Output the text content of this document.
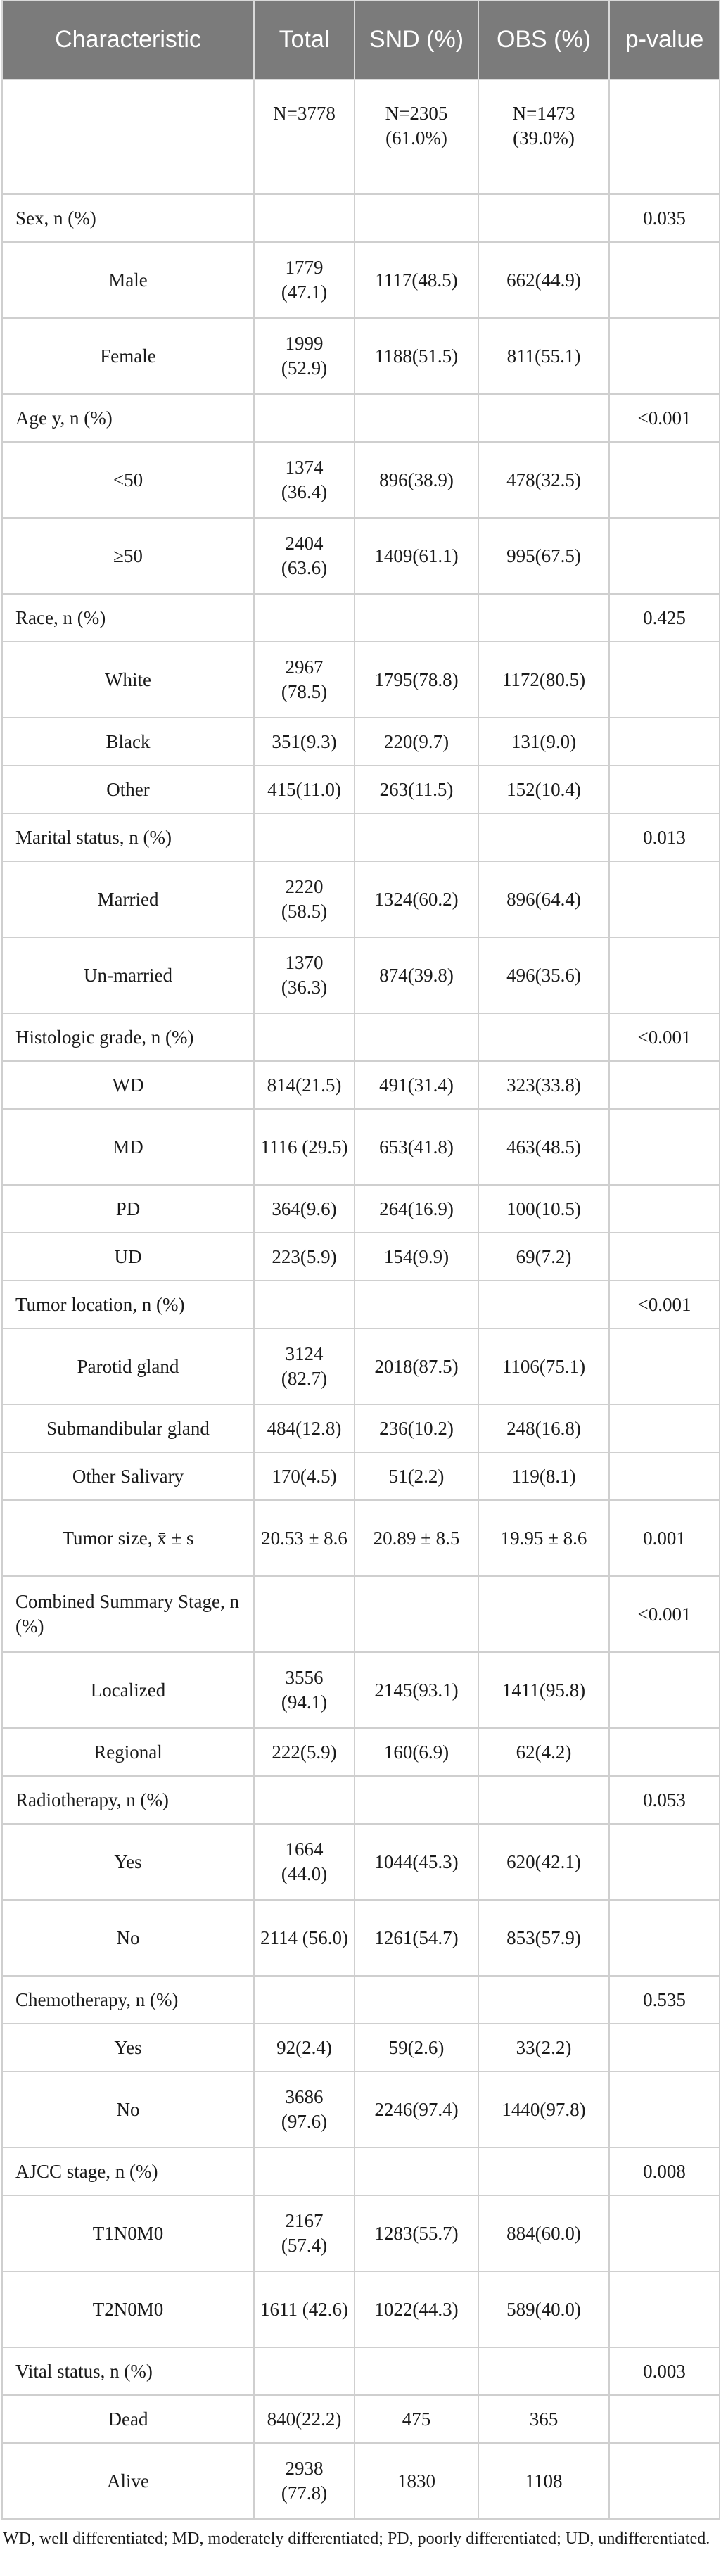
Characteristic	Total	SND (%)	OBS (%)	p-value
	N=3778	N=2305 (61.0%)	N=1473 (39.0%)	
Sex, n (%)				0.035
Male	1779 (47.1)	1117(48.5)	662(44.9)	
Female	1999 (52.9)	1188(51.5)	811(55.1)	
Age y, n (%)				<0.001
<50	1374 (36.4)	896(38.9)	478(32.5)	
≥50	2404 (63.6)	1409(61.1)	995(67.5)	
Race, n (%)				0.425
White	2967 (78.5)	1795(78.8)	1172(80.5)	
Black	351(9.3)	220(9.7)	131(9.0)	
Other	415(11.0)	263(11.5)	152(10.4)	
Marital status, n (%)				0.013
Married	2220 (58.5)	1324(60.2)	896(64.4)	
Un-married	1370 (36.3)	874(39.8)	496(35.6)	
Histologic grade, n (%)				<0.001
WD	814(21.5)	491(31.4)	323(33.8)	
MD	1116 (29.5)	653(41.8)	463(48.5)	
PD	364(9.6)	264(16.9)	100(10.5)	
UD	223(5.9)	154(9.9)	69(7.2)	
Tumor location, n (%)				<0.001
Parotid gland	3124 (82.7)	2018(87.5)	1106(75.1)	
Submandibular gland	484(12.8)	236(10.2)	248(16.8)	
Other Salivary	170(4.5)	51(2.2)	119(8.1)	
Tumor size, x̄ ± s	20.53 ± 8.6	20.89 ± 8.5	19.95 ± 8.6	0.001
Combined Summary Stage, n (%)				<0.001
Localized	3556 (94.1)	2145(93.1)	1411(95.8)	
Regional	222(5.9)	160(6.9)	62(4.2)	
Radiotherapy, n (%)				0.053
Yes	1664 (44.0)	1044(45.3)	620(42.1)	
No	2114 (56.0)	1261(54.7)	853(57.9)	
Chemotherapy, n (%)				0.535
Yes	92(2.4)	59(2.6)	33(2.2)	
No	3686 (97.6)	2246(97.4)	1440(97.8)	
AJCC stage, n (%)				0.008
T1N0M0	2167 (57.4)	1283(55.7)	884(60.0)	
T2N0M0	1611 (42.6)	1022(44.3)	589(40.0)	
Vital status, n (%)				0.003
Dead	840(22.2)	475	365	
Alive	2938 (77.8)	1830	1108	
WD, well differentiated; MD, moderately differentiated; PD, poorly differentiated; UD, undifferentiated.
